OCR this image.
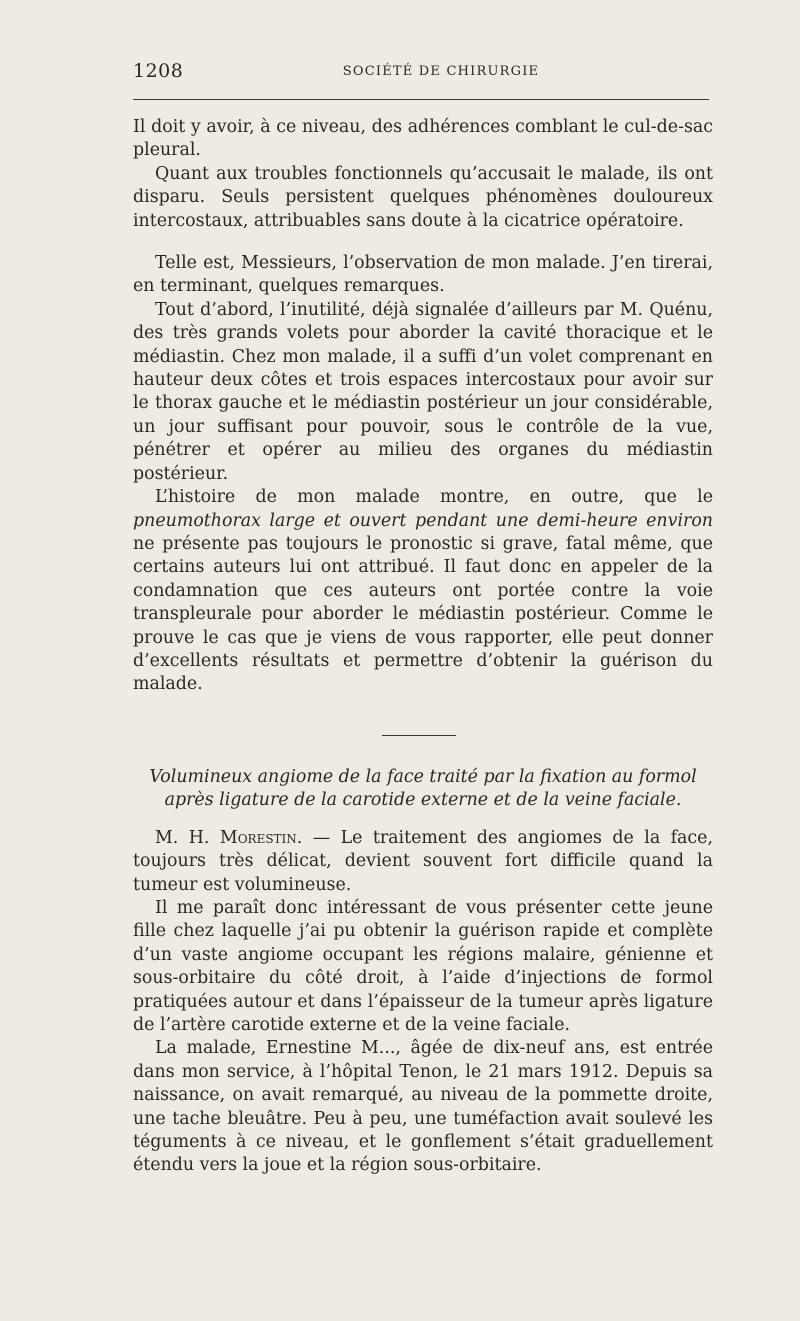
1208	SOCIÉTÉ DE CHIRURGIE

Il doit y avoir, à ce niveau, des adhérences comblant le cul-de-sac pleural.

Quant aux troubles fonctionnels qu’accusait le malade, ils ont disparu. Seuls persistent quelques phénomènes douloureux intercostaux, attribuables sans doute à la cicatrice opératoire.

Telle est, Messieurs, l’observation de mon malade. J’en tirerai, en terminant, quelques remarques.

Tout d’abord, l’inutilité, déjà signalée d’ailleurs par M. Quénu, des très grands volets pour aborder la cavité thoracique et le médiastin. Chez mon malade, il a suffi d’un volet comprenant en hauteur deux côtes et trois espaces intercostaux pour avoir sur le thorax gauche et le médiastin postérieur un jour considérable, un jour suffisant pour pouvoir, sous le contrôle de la vue, pénétrer et opérer au milieu des organes du médiastin postérieur.

L’histoire de mon malade montre, en outre, que le pneumothorax large et ouvert pendant une demi-heure environ ne présente pas toujours le pronostic si grave, fatal même, que certains auteurs lui ont attribué. Il faut donc en appeler de la condamnation que ces auteurs ont portée contre la voie transpleurale pour aborder le médiastin postérieur. Comme le prouve le cas que je viens de vous rapporter, elle peut donner d’excellents résultats et permettre d’obtenir la guérison du malade.

Volumineux angiome de la face traité par la fixation au formol
après ligature de la carotide externe et de la veine faciale.

M. H. Morestin. — Le traitement des angiomes de la face, toujours très délicat, devient souvent fort difficile quand la tumeur est volumineuse.

Il me paraît donc intéressant de vous présenter cette jeune fille chez laquelle j’ai pu obtenir la guérison rapide et complète d’un vaste angiome occupant les régions malaire, génienne et sous-orbitaire du côté droit, à l’aide d’injections de formol pratiquées autour et dans l’épaisseur de la tumeur après ligature de l’artère carotide externe et de la veine faciale.

La malade, Ernestine M..., âgée de dix-neuf ans, est entrée dans mon service, à l’hôpital Tenon, le 21 mars 1912. Depuis sa naissance, on avait remarqué, au niveau de la pommette droite, une tache bleuâtre. Peu à peu, une tuméfaction avait soulevé les téguments à ce niveau, et le gonflement s’était graduellement étendu vers la joue et la région sous-orbitaire.
